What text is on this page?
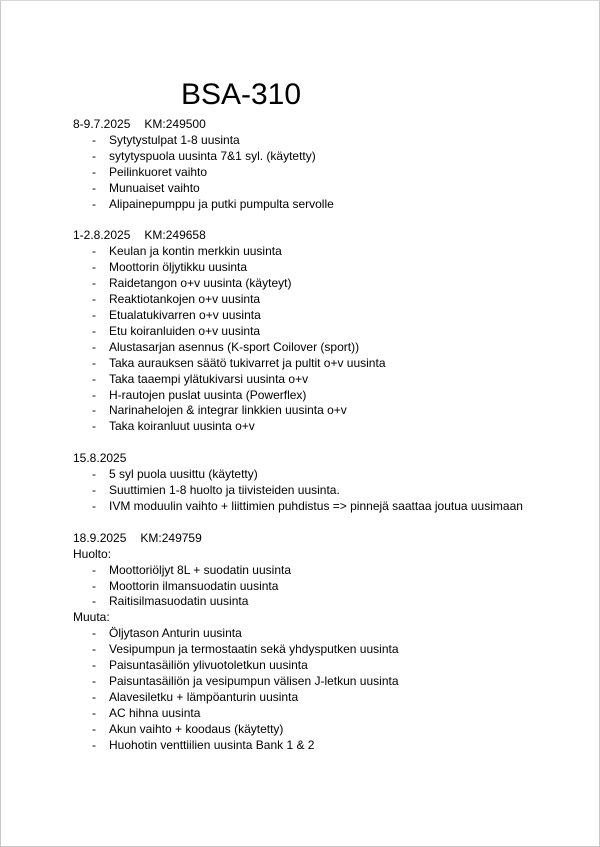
BSA-310
8-9.7.2025 KM:249500
- Sytytystulpat 1-8 uusinta
- sytytyspuola uusinta 7&1 syl. (käytetty)
- Peilinkuoret vaihto
- Munuaiset vaihto
- Alipainepumppu ja putki pumpulta servolle
1-2.8.2025 KM:249658
- Keulan ja kontin merkkin uusinta
- Moottorin öljytikku uusinta
- Raidetangon o+v uusinta (käyteyt)
- Reaktiotankojen o+v uusinta
- Etualatukivarren o+v uusinta
- Etu koiranluiden o+v uusinta
- Alustasarjan asennus (K-sport Coilover (sport))
- Taka aurauksen säätö tukivarret ja pultit o+v uusinta
- Taka taaempi ylätukivarsi uusinta o+v
- H-rautojen puslat uusinta (Powerflex)
- Narinahelojen & integrar linkkien uusinta o+v
- Taka koiranluut uusinta o+v
15.8.2025
- 5 syl puola uusittu (käytetty)
- Suuttimien 1-8 huolto ja tiivisteiden uusinta.
- IVM moduulin vaihto + liittimien puhdistus => pinnejä saattaa joutua uusimaan
18.9.2025 KM:249759
Huolto:
- Moottoriöljyt 8L + suodatin uusinta
- Moottorin ilmansuodatin uusinta
- Raitisilmasuodatin uusinta
Muuta:
- Öljytason Anturin uusinta
- Vesipumpun ja termostaatin sekä yhdysputken uusinta
- Paisuntasäiliön ylivuotoletkun uusinta
- Paisuntasäiliön ja vesipumpun välisen J-letkun uusinta
- Alavesiletku + lämpöanturin uusinta
- AC hihna uusinta
- Akun vaihto + koodaus (käytetty)
- Huohotin venttiilien uusinta Bank 1 & 2
